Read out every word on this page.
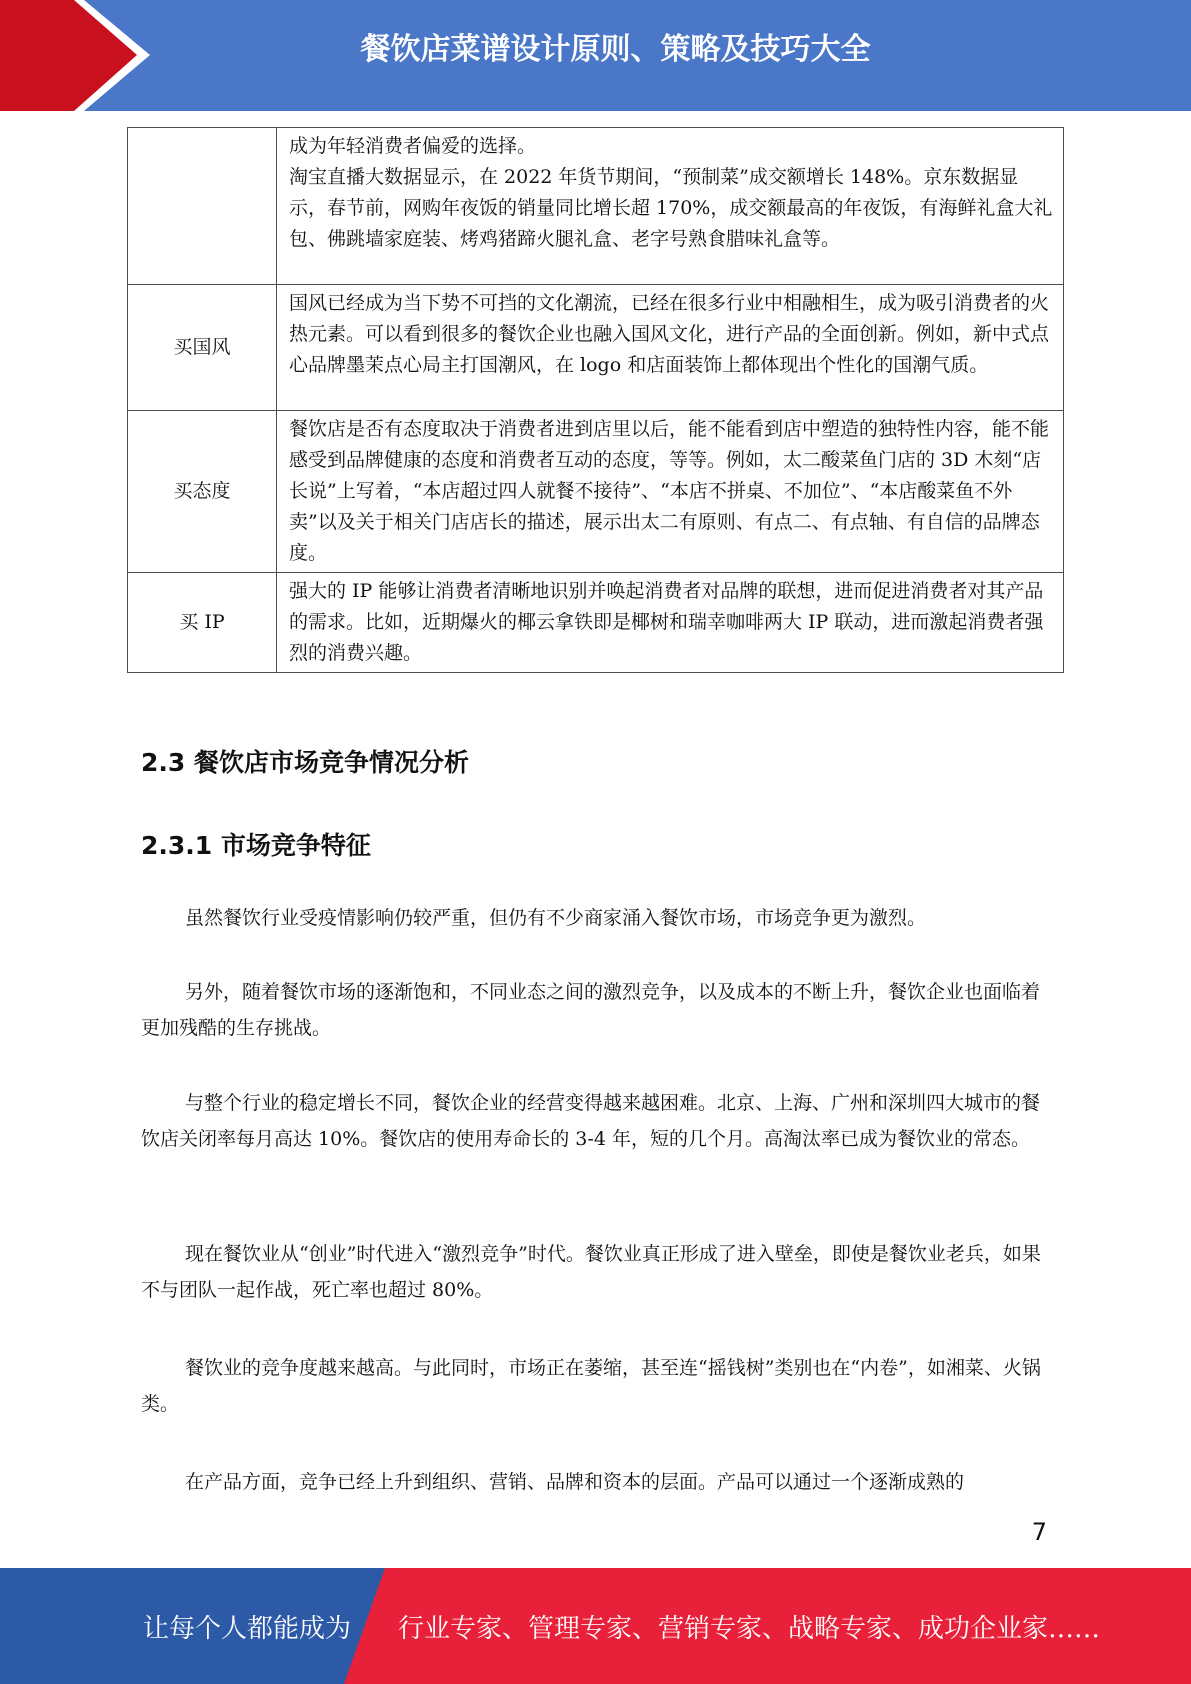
餐饮店菜谱设计原则、策略及技巧大全

	成为年轻消费者偏爱的选择。
淘宝直播大数据显示，在 2022 年货节期间，“预制菜”成交额增长 148%。京东数据显示，春节前，网购年夜饭的销量同比增长超 170%，成交额最高的年夜饭，有海鲜礼盒大礼包、佛跳墙家庭装、烤鸡猪蹄火腿礼盒、老字号熟食腊味礼盒等。

买国风	国风已经成为当下势不可挡的文化潮流，已经在很多行业中相融相生，成为吸引消费者的火热元素。可以看到很多的餐饮企业也融入国风文化，进行产品的全面创新。例如，新中式点心品牌墨茉点心局主打国潮风，在 logo 和店面装饰上都体现出个性化的国潮气质。
买态度	餐饮店是否有态度取决于消费者进到店里以后，能不能看到店中塑造的独特性内容，能不能感受到品牌健康的态度和消费者互动的态度，等等。例如，太二酸菜鱼门店的 3D 木刻“店长说”上写着，“本店超过四人就餐不接待”、“本店不拼桌、不加位”、“本店酸菜鱼不外卖”以及关于相关门店店长的描述，展示出太二有原则、有点二、有点轴、有自信的品牌态度。
买 IP	强大的 IP 能够让消费者清晰地识别并唤起消费者对品牌的联想，进而促进消费者对其产品的需求。比如，近期爆火的椰云拿铁即是椰树和瑞幸咖啡两大 IP 联动，进而激起消费者强烈的消费兴趣。
2.3 餐饮店市场竞争情况分析
2.3.1 市场竞争特征

虽然餐饮行业受疫情影响仍较严重，但仍有不少商家涌入餐饮市场，市场竞争更为激烈。

另外，随着餐饮市场的逐渐饱和，不同业态之间的激烈竞争，以及成本的不断上升，餐饮企业也面临着更加残酷的生存挑战。

与整个行业的稳定增长不同，餐饮企业的经营变得越来越困难。北京、上海、广州和深圳四大城市的餐饮店关闭率每月高达 10%。餐饮店的使用寿命长的 3-4 年，短的几个月。高淘汰率已成为餐饮业的常态。

现在餐饮业从“创业”时代进入“激烈竞争”时代。餐饮业真正形成了进入壁垒，即使是餐饮业老兵，如果不与团队一起作战，死亡率也超过 80%。

餐饮业的竞争度越来越高。与此同时，市场正在萎缩，甚至连“摇钱树”类别也在“内卷”，如湘菜、火锅类。

在产品方面，竞争已经上升到组织、营销、品牌和资本的层面。产品可以通过一个逐渐成熟的

7
让每个人都能成为 行业专家、管理专家、营销专家、战略专家、成功企业家……
